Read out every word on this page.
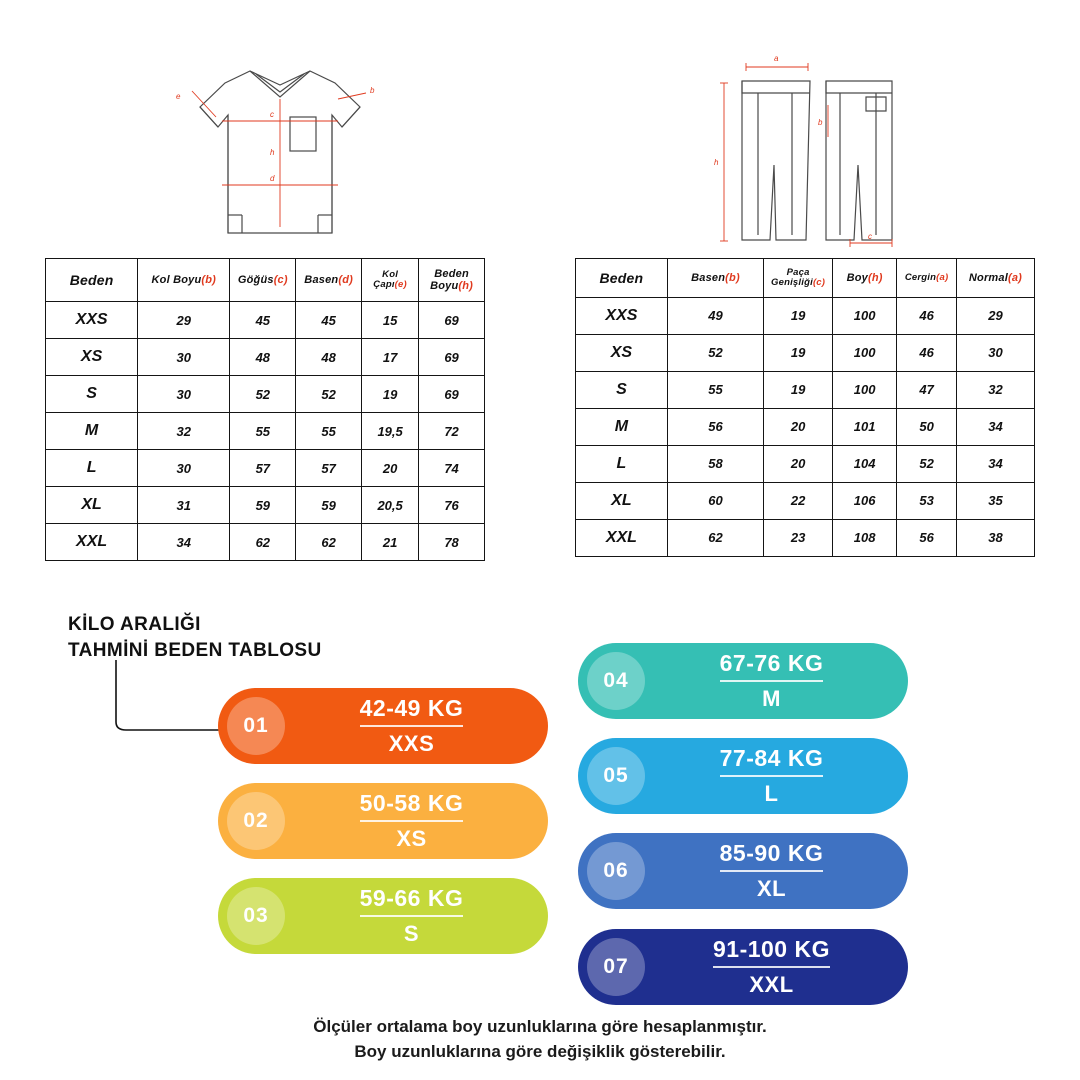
e
b
c
d
h
a
h
b
c
Beden	Kol Boyu(b)	Göğüs(c)	Basen(d)	Kol Çapı(e)	Beden Boyu(h)
XXS	29	45	45	15	69
XS	30	48	48	17	69
S	30	52	52	19	69
M	32	55	55	19,5	72
L	30	57	57	20	74
XL	31	59	59	20,5	76
XXL	34	62	62	21	78
Beden	Basen(b)	Paça
Genişliği(c)	Boy(h)	Cergin(a)	Normal(a)
XXS	49	19	100	46	29
XS	52	19	100	46	30
S	55	19	100	47	32
M	56	20	101	50	34
L	58	20	104	52	34
XL	60	22	106	53	35
XXL	62	23	108	56	38
KİLO ARALIĞI
TAHMİNİ BEDEN TABLOSU
01
42-49 KG
XXS
02
50-58 KG
XS
03
59-66 KG
S
04
67-76 KG
M
05
77-84 KG
L
06
85-90 KG
XL
07
91-100 KG
XXL
Ölçüler ortalama boy uzunluklarına göre hesaplanmıştır.
Boy uzunluklarına göre değişiklik gösterebilir.
